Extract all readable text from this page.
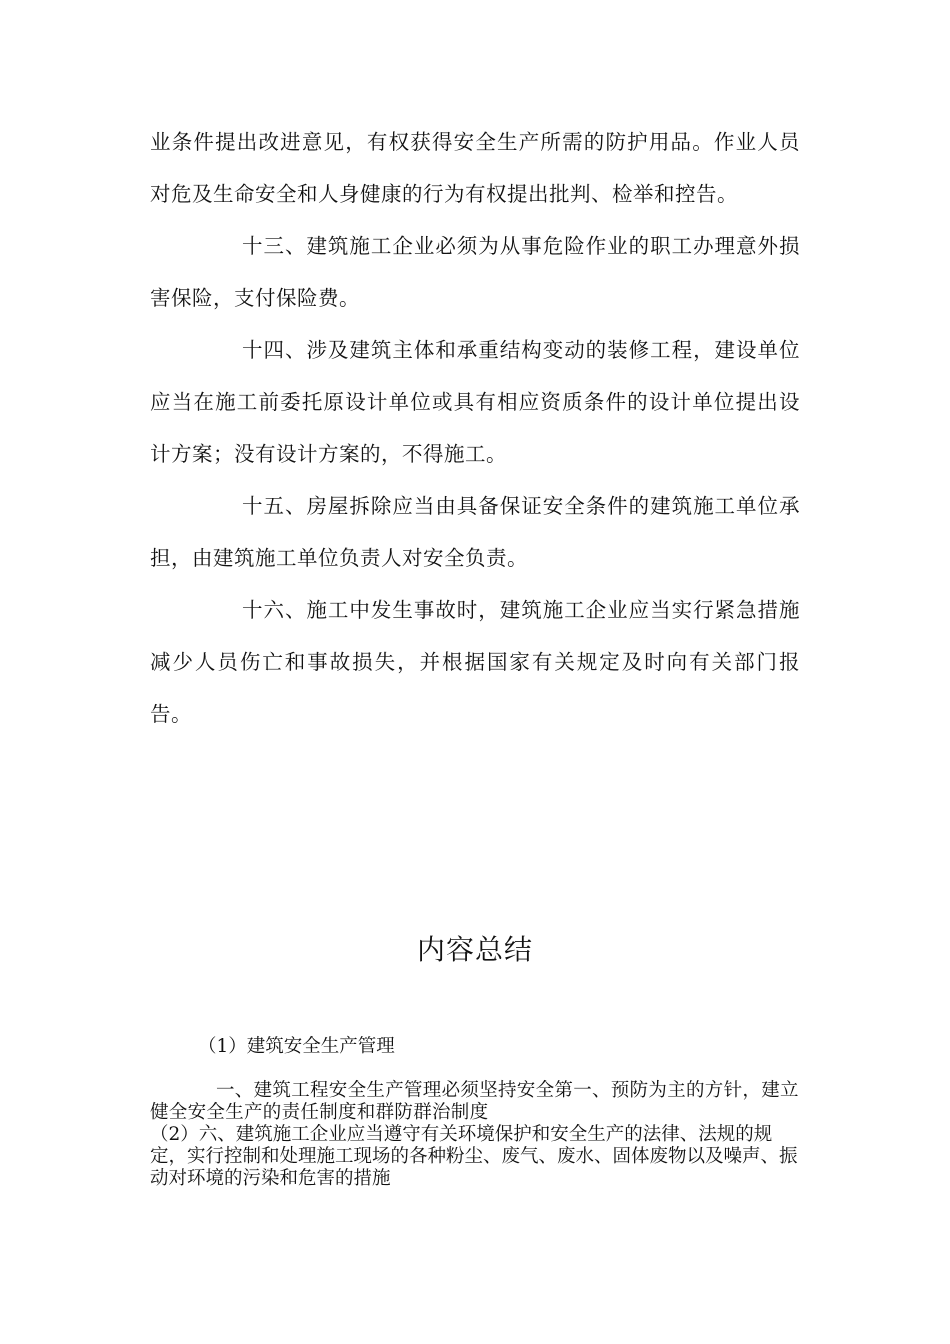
业条件提出改进意见，有权获得安全生产所需的防护用品。作业人员对危及生命安全和人身健康的行为有权提出批判、检举和控告。

十三、建筑施工企业必须为从事危险作业的职工办理意外损害保险，支付保险费。

十四、涉及建筑主体和承重结构变动的装修工程，建设单位应当在施工前委托原设计单位或具有相应资质条件的设计单位提出设计方案；没有设计方案的，不得施工。

十五、房屋拆除应当由具备保证安全条件的建筑施工单位承担，由建筑施工单位负责人对安全负责。

十六、施工中发生事故时，建筑施工企业应当实行紧急措施减少人员伤亡和事故损失，并根据国家有关规定及时向有关部门报告。

内容总结

（1）建筑安全生产管理

一、建筑工程安全生产管理必须坚持安全第一、预防为主的方针，建立健全安全生产的责任制度和群防群治制度

（2）六、建筑施工企业应当遵守有关环境保护和安全生产的法律、法规的规定，实行控制和处理施工现场的各种粉尘、废气、废水、固体废物以及噪声、振动对环境的污染和危害的措施
